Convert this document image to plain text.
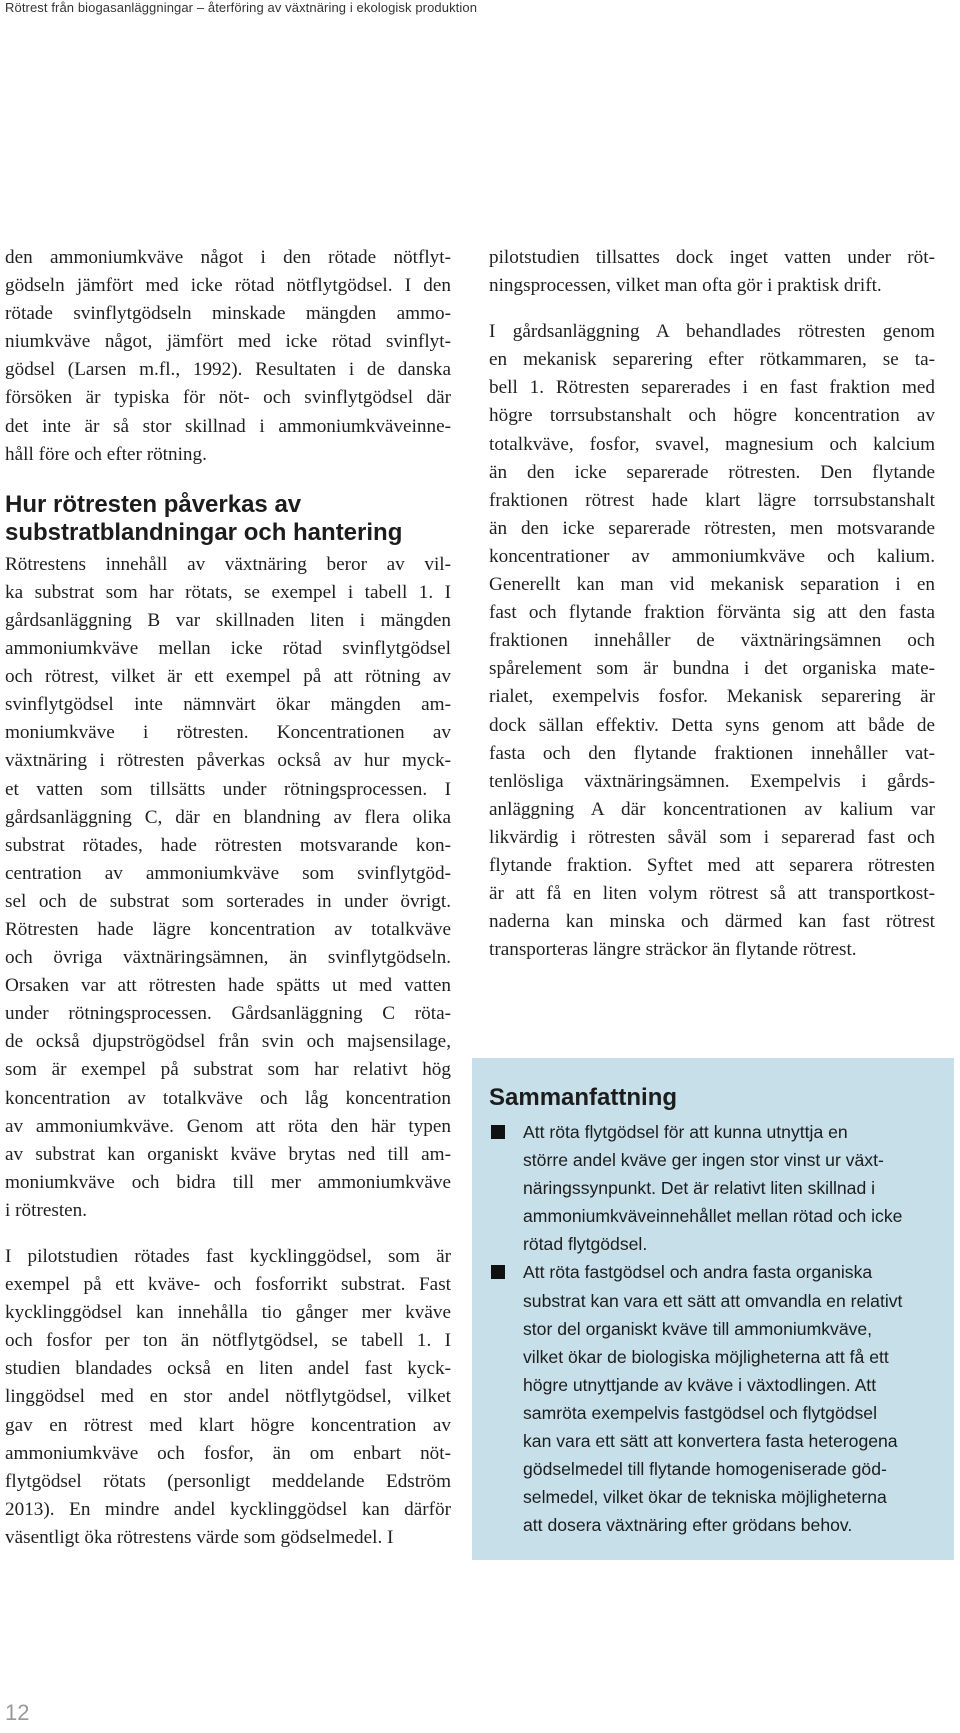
Rötrest från biogasanläggningar – återföring av växtnäring i ekologisk produktion
den ammoniumkväve något i den rötade nötflyt-
gödseln jämfört med icke rötad nötflytgödsel. I den
rötade svinflytgödseln minskade mängden ammo-
niumkväve något, jämfört med icke rötad svinflyt-
gödsel (Larsen m.fl., 1992). Resultaten i de danska
försöken är typiska för nöt- och svinflytgödsel där
det inte är så stor skillnad i ammoniumkväveinne-
håll före och efter rötning.
Hur rötresten påverkas av
substratblandningar och hantering
Rötrestens innehåll av växtnäring beror av vil-
ka substrat som har rötats, se exempel i tabell 1. I
gårdsanläggning B var skillnaden liten i mängden
ammoniumkväve mellan icke rötad svinflytgödsel
och rötrest, vilket är ett exempel på att rötning av
svinflytgödsel inte nämnvärt ökar mängden am-
moniumkväve i rötresten. Koncentrationen av
växtnäring i rötresten påverkas också av hur myck-
et vatten som tillsätts under rötningsprocessen. I
gårdsanläggning C, där en blandning av flera olika
substrat rötades, hade rötresten motsvarande kon-
centration av ammoniumkväve som svinflytgöd-
sel och de substrat som sorterades in under övrigt.
Rötresten hade lägre koncentration av totalkväve
och övriga växtnäringsämnen, än svinflytgödseln.
Orsaken var att rötresten hade spätts ut med vatten
under rötningsprocessen. Gårdsanläggning C röta-
de också djupströgödsel från svin och majsensilage,
som är exempel på substrat som har relativt hög
koncentration av totalkväve och låg koncentration
av ammoniumkväve. Genom att röta den här typen
av substrat kan organiskt kväve brytas ned till am-
moniumkväve och bidra till mer ammoniumkväve
i rötresten.
I pilotstudien rötades fast kycklinggödsel, som är
exempel på ett kväve- och fosforrikt substrat. Fast
kycklinggödsel kan innehålla tio gånger mer kväve
och fosfor per ton än nötflytgödsel, se tabell 1. I
studien blandades också en liten andel fast kyck-
linggödsel med en stor andel nötflytgödsel, vilket
gav en rötrest med klart högre koncentration av
ammoniumkväve och fosfor, än om enbart nöt-
flytgödsel rötats (personligt meddelande Edström
2013). En mindre andel kycklinggödsel kan därför
väsentligt öka rötrestens värde som gödselmedel. I
pilotstudien tillsattes dock inget vatten under röt-
ningsprocessen, vilket man ofta gör i praktisk drift.
I gårdsanläggning A behandlades rötresten genom
en mekanisk separering efter rötkammaren, se ta-
bell 1. Rötresten separerades i en fast fraktion med
högre torrsubstanshalt och högre koncentration av
totalkväve, fosfor, svavel, magnesium och kalcium
än den icke separerade rötresten. Den flytande
fraktionen rötrest hade klart lägre torrsubstanshalt
än den icke separerade rötresten, men motsvarande
koncentrationer av ammoniumkväve och kalium.
Generellt kan man vid mekanisk separation i en
fast och flytande fraktion förvänta sig att den fasta
fraktionen innehåller de växtnäringsämnen och
spårelement som är bundna i det organiska mate-
rialet, exempelvis fosfor. Mekanisk separering är
dock sällan effektiv. Detta syns genom att både de
fasta och den flytande fraktionen innehåller vat-
tenlösliga växtnäringsämnen. Exempelvis i gårds-
anläggning A där koncentrationen av kalium var
likvärdig i rötresten såväl som i separerad fast och
flytande fraktion. Syftet med att separera rötresten
är att få en liten volym rötrest så att transportkost-
naderna kan minska och därmed kan fast rötrest
transporteras längre sträckor än flytande rötrest.
Sammanfattning
Att röta flytgödsel för att kunna utnyttja en
större andel kväve ger ingen stor vinst ur växt-
näringssynpunkt. Det är relativt liten skillnad i
ammoniumkväveinnehållet mellan rötad och icke
rötad flytgödsel.
Att röta fastgödsel och andra fasta organiska
substrat kan vara ett sätt att omvandla en relativt
stor del organiskt kväve till ammoniumkväve,
vilket ökar de biologiska möjligheterna att få ett
högre utnyttjande av kväve i växtodlingen. Att
samröta exempelvis fastgödsel och flytgödsel
kan vara ett sätt att konvertera fasta heterogena
gödselmedel till flytande homogeniserade göd-
selmedel, vilket ökar de tekniska möjligheterna
att dosera växtnäring efter grödans behov.
12
